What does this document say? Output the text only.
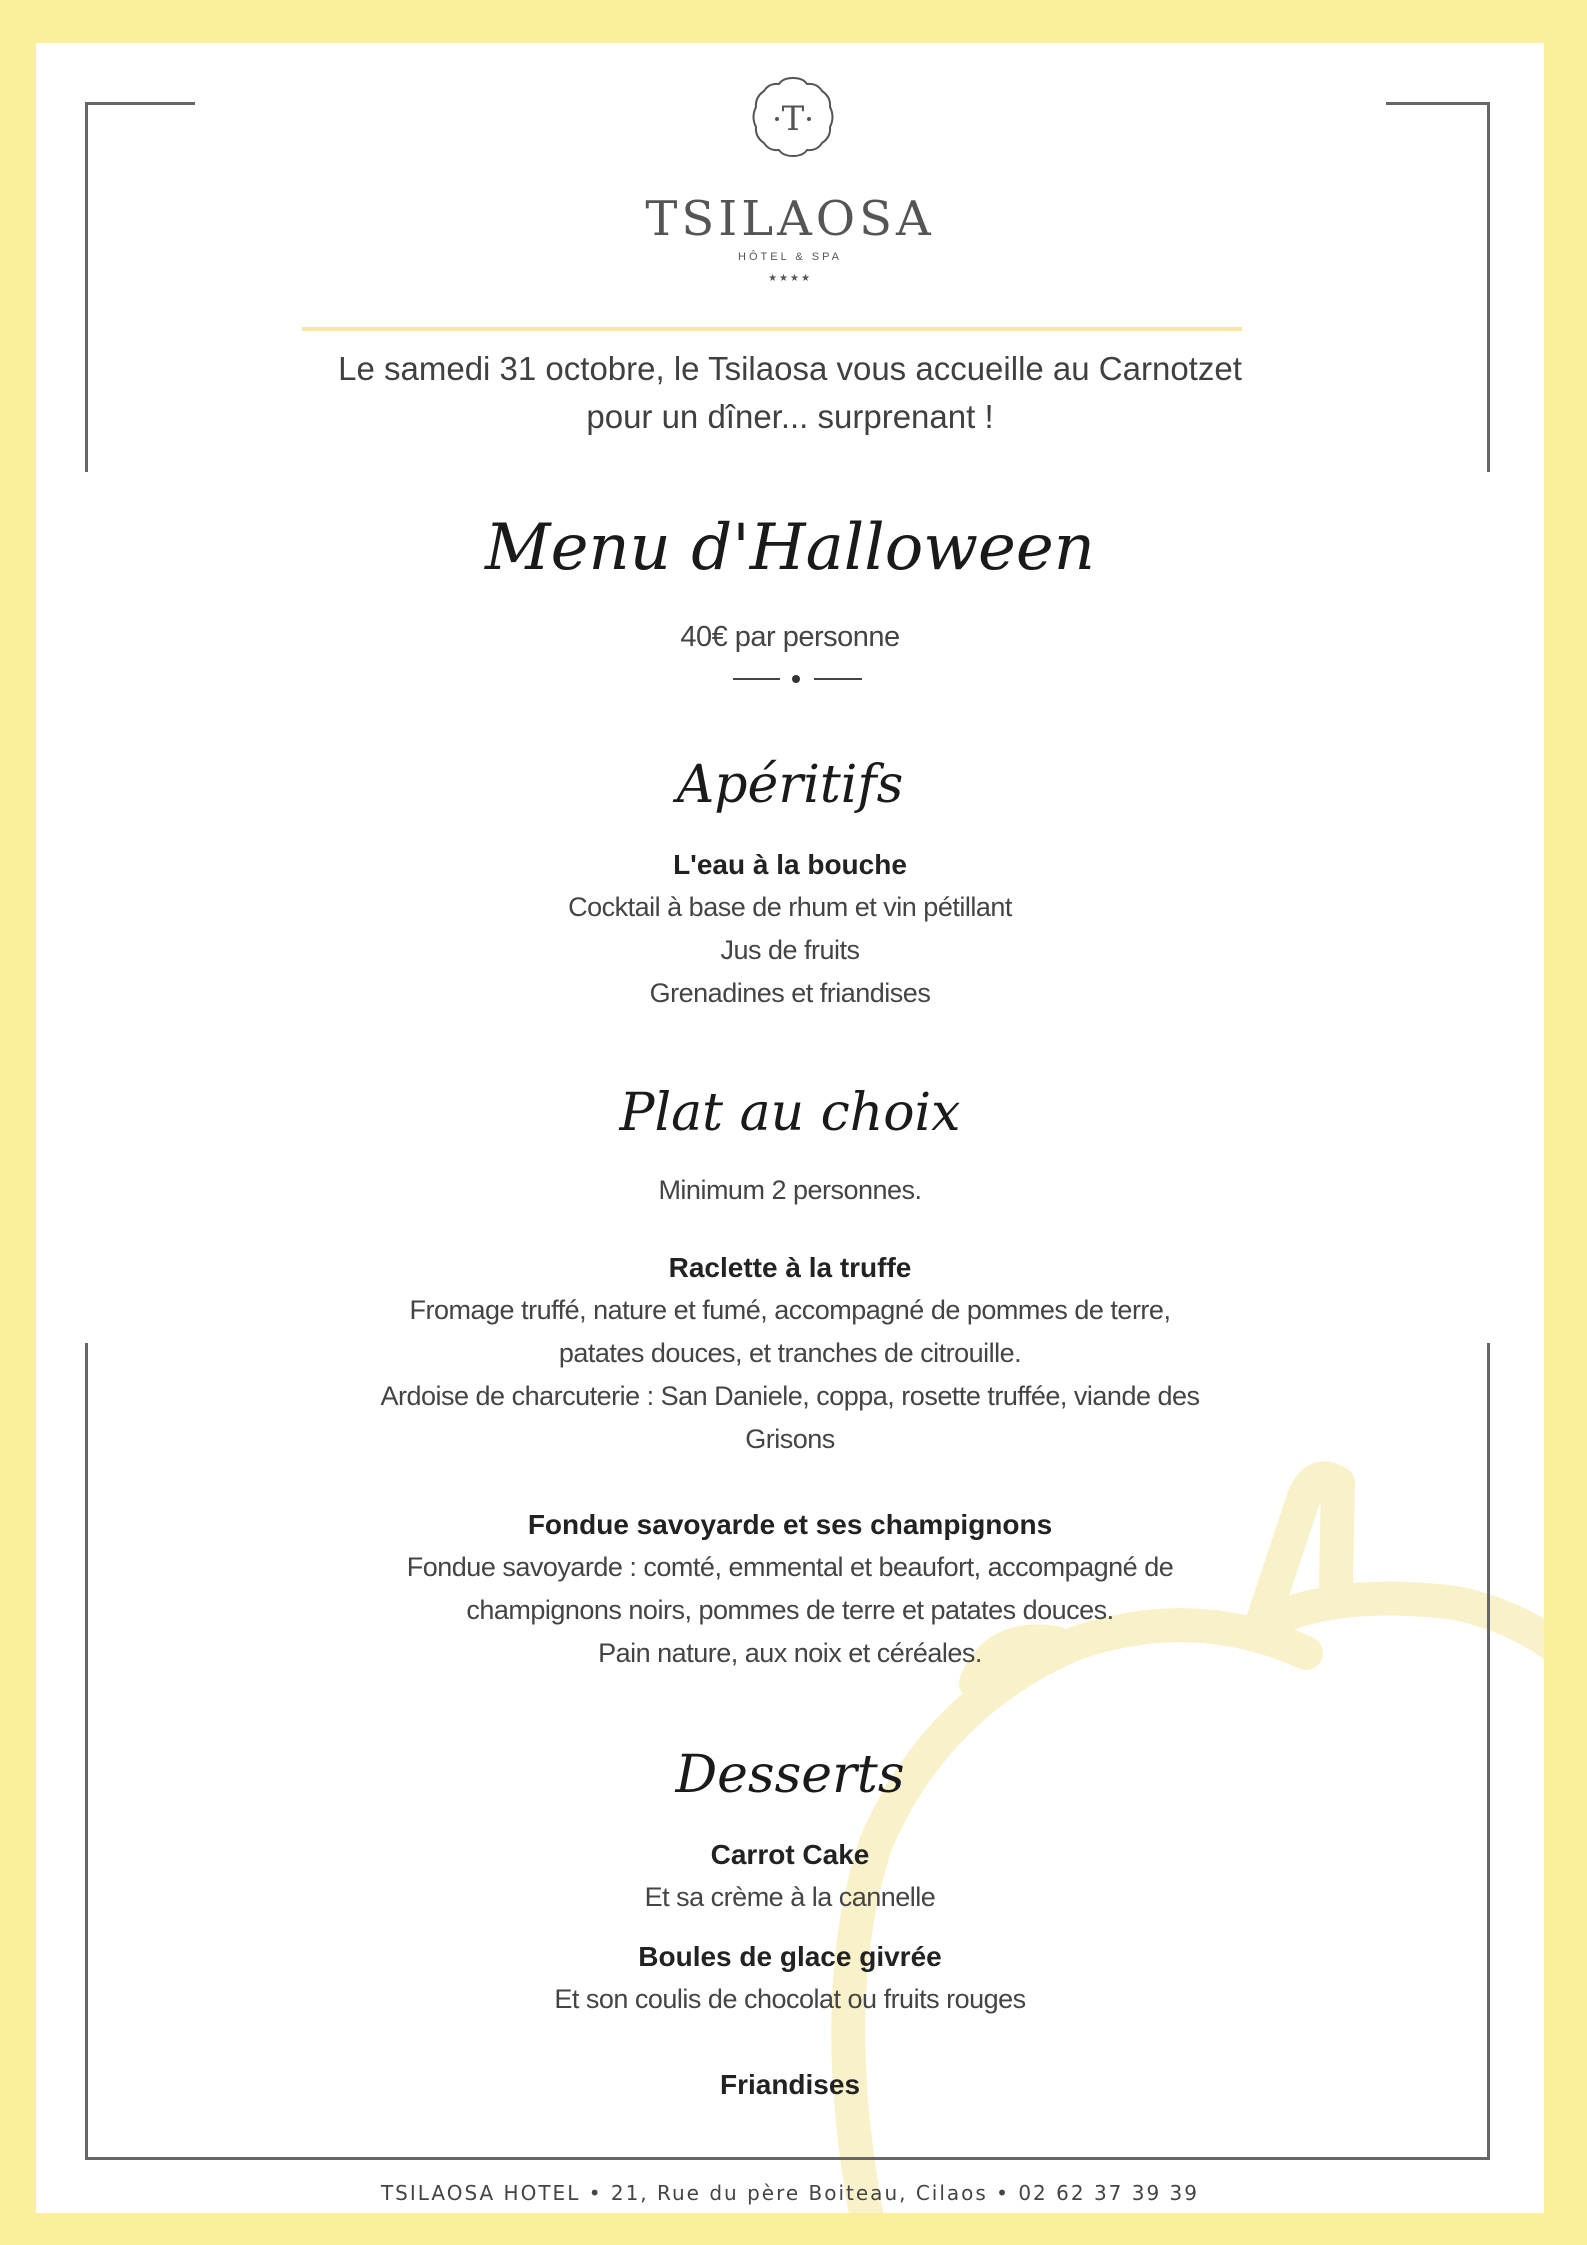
T
TSILAOSA
HÔTEL & SPA
★★★★
Le samedi 31 octobre, le Tsilaosa vous accueille au Carnotzet
pour un dîner... surprenant !
Menu d'Halloween
40€ par personne
Apéritifs
L'eau à la bouche
Cocktail à base de rhum et vin pétillant
Jus de fruits
Grenadines et friandises
Plat au choix
Minimum 2 personnes.
Raclette à la truffe
Fromage truffé, nature et fumé, accompagné de pommes de terre,
patates douces, et tranches de citrouille.
Ardoise de charcuterie : San Daniele, coppa, rosette truffée, viande des
Grisons
Fondue savoyarde et ses champignons
Fondue savoyarde : comté, emmental et beaufort, accompagné de
champignons noirs, pommes de terre et patates douces.
Pain nature, aux noix et céréales.
Desserts
Carrot Cake
Et sa crème à la cannelle
Boules de glace givrée
Et son coulis de chocolat ou fruits rouges
Friandises
TSILAOSA HOTEL • 21, Rue du père Boiteau, Cilaos • 02 62 37 39 39
